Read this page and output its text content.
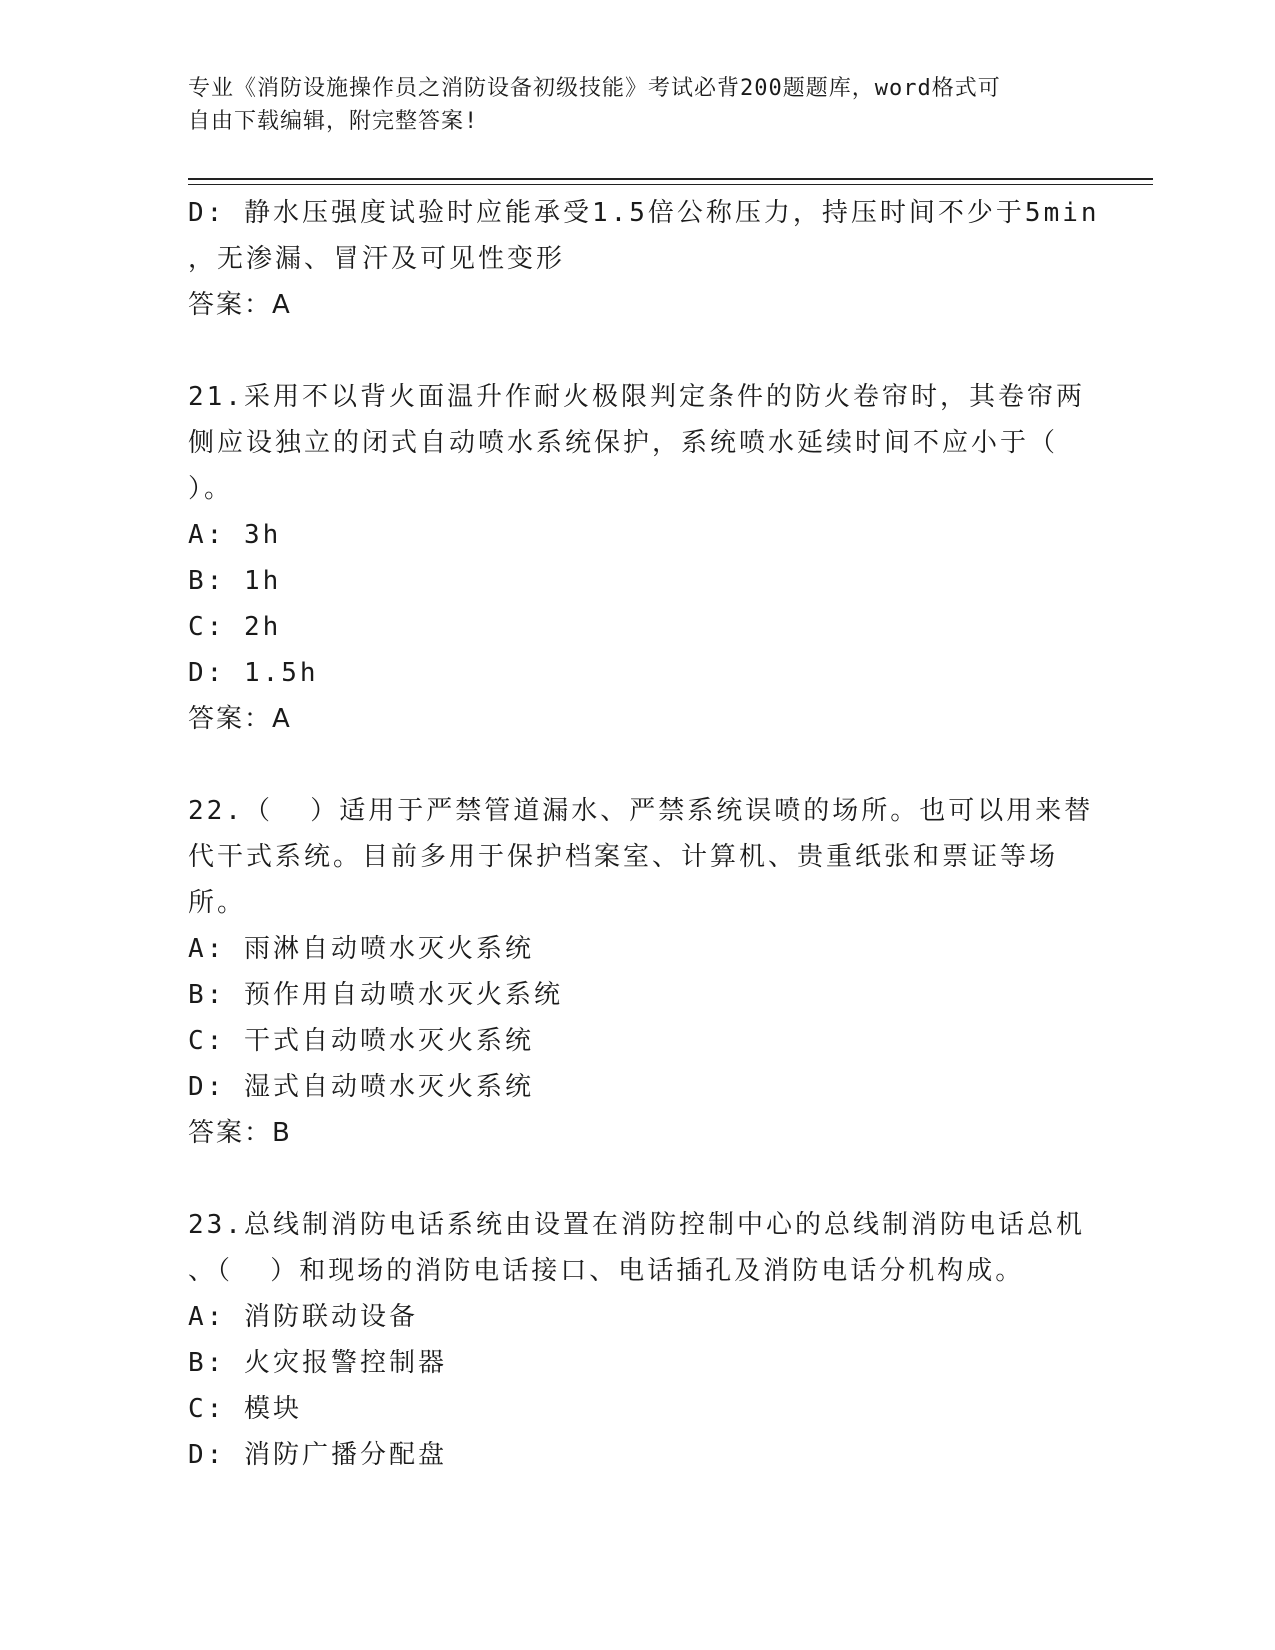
专业《消防设施操作员之消防设备初级技能》考试必背200题题库，word格式可
自由下载编辑，附完整答案!
D: 静水压强度试验时应能承受1.5倍公称压力，持压时间不少于5min
，无渗漏、冒汗及可见性变形
答案：A
21.采用不以背火面温升作耐火极限判定条件的防火卷帘时，其卷帘两
侧应设独立的闭式自动喷水系统保护，系统喷水延续时间不应小于（
）。
A: 3h
B: 1h
C: 2h
D: 1.5h
答案：A
22.（  ）适用于严禁管道漏水、严禁系统误喷的场所。也可以用来替
代干式系统。目前多用于保护档案室、计算机、贵重纸张和票证等场
所。
A: 雨淋自动喷水灭火系统
B: 预作用自动喷水灭火系统
C: 干式自动喷水灭火系统
D: 湿式自动喷水灭火系统
答案：B
23.总线制消防电话系统由设置在消防控制中心的总线制消防电话总机
、（  ）和现场的消防电话接口、电话插孔及消防电话分机构成。
A: 消防联动设备
B: 火灾报警控制器
C: 模块
D: 消防广播分配盘
